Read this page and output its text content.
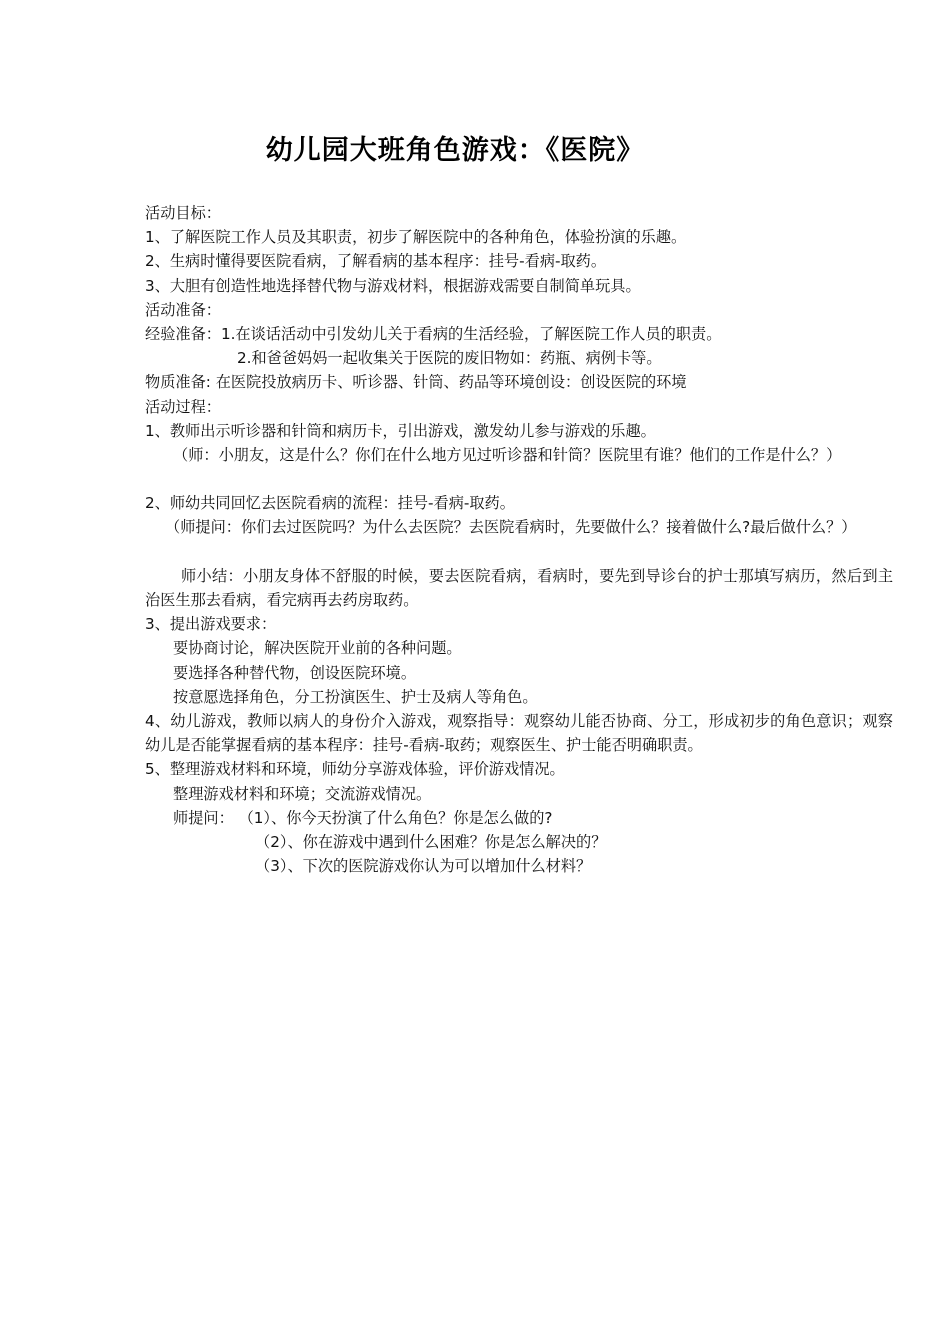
幼儿园大班角色游戏：《医院》
活动目标：
1、了解医院工作人员及其职责，初步了解医院中的各种角色，体验扮演的乐趣。
2、生病时懂得要医院看病，了解看病的基本程序：挂号-看病-取药。
3、大胆有创造性地选择替代物与游戏材料，根据游戏需要自制简单玩具。
活动准备：
经验准备：1.在谈话活动中引发幼儿关于看病的生活经验，了解医院工作人员的职责。
2.和爸爸妈妈一起收集关于医院的废旧物如：药瓶、病例卡等。
物质准备: 在医院投放病历卡、听诊器、针筒、药品等环境创设：创设医院的环境
活动过程：
1、教师出示听诊器和针筒和病历卡，引出游戏，激发幼儿参与游戏的乐趣。
（师：小朋友，这是什么？你们在什么地方见过听诊器和针筒？医院里有谁？他们的工作是什么？）
2、师幼共同回忆去医院看病的流程：挂号-看病-取药。
（师提问：你们去过医院吗？为什么去医院？去医院看病时，先要做什么？接着做什么?最后做什么？）
师小结：小朋友身体不舒服的时候，要去医院看病，看病时，要先到导诊台的护士那填写病历，然后到主治医生那去看病，看完病再去药房取药。
3、提出游戏要求：
要协商讨论，解决医院开业前的各种问题。
要选择各种替代物，创设医院环境。
按意愿选择角色，分工扮演医生、护士及病人等角色。
4、幼儿游戏，教师以病人的身份介入游戏，观察指导：观察幼儿能否协商、分工，形成初步的角色意识；观察幼儿是否能掌握看病的基本程序：挂号-看病-取药；观察医生、护士能否明确职责。
5、整理游戏材料和环境，师幼分享游戏体验，评价游戏情况。
整理游戏材料和环境；交流游戏情况。
师提问： （1）、你今天扮演了什么角色？你是怎么做的?
（2）、你在游戏中遇到什么困难？你是怎么解决的？
（3）、下次的医院游戏你认为可以增加什么材料？
